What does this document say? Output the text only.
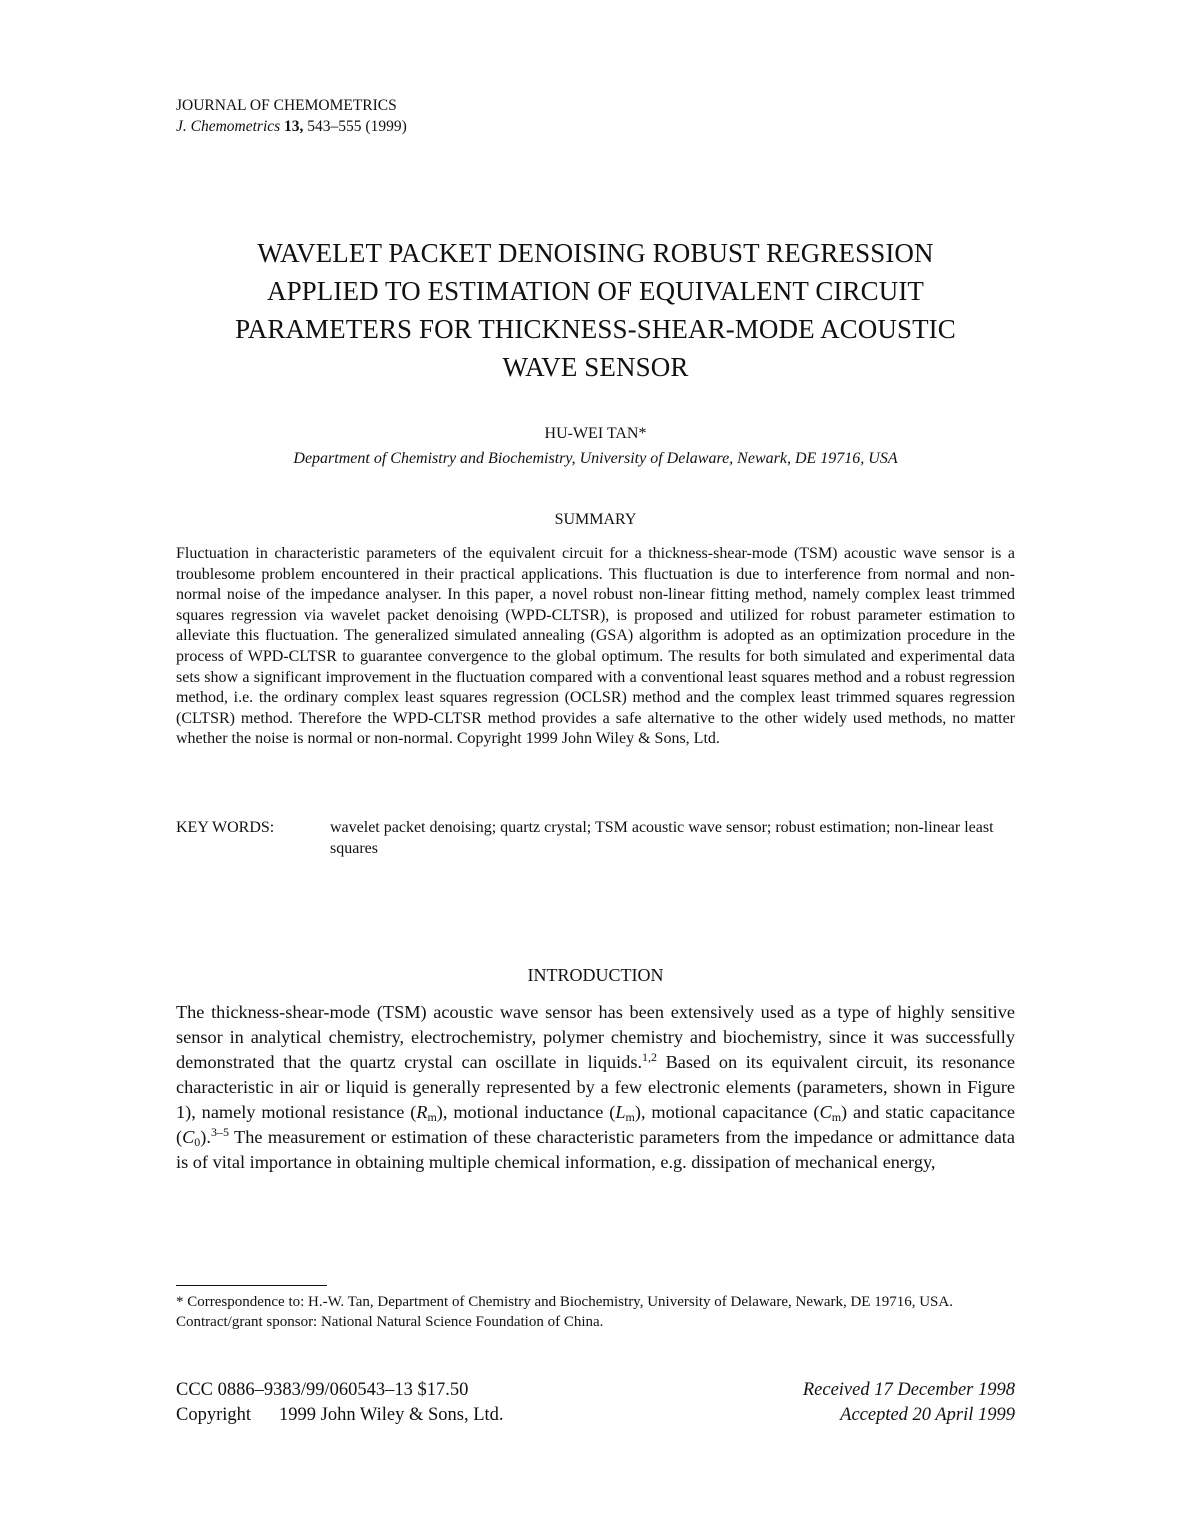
JOURNAL OF CHEMOMETRICS
J. Chemometrics 13, 543–555 (1999)
WAVELET PACKET DENOISING ROBUST REGRESSION
APPLIED TO ESTIMATION OF EQUIVALENT CIRCUIT
PARAMETERS FOR THICKNESS-SHEAR-MODE ACOUSTIC
WAVE SENSOR
HU-WEI TAN*
Department of Chemistry and Biochemistry, University of Delaware, Newark, DE 19716, USA
SUMMARY
Fluctuation in characteristic parameters of the equivalent circuit for a thickness-shear-mode (TSM) acoustic wave sensor is a troublesome problem encountered in their practical applications. This fluctuation is due to interference from normal and non-normal noise of the impedance analyser. In this paper, a novel robust non-linear fitting method, namely complex least trimmed squares regression via wavelet packet denoising (WPD-CLTSR), is proposed and utilized for robust parameter estimation to alleviate this fluctuation. The generalized simulated annealing (GSA) algorithm is adopted as an optimization procedure in the process of WPD-CLTSR to guarantee convergence to the global optimum. The results for both simulated and experimental data sets show a significant improvement in the fluctuation compared with a conventional least squares method and a robust regression method, i.e. the ordinary complex least squares regression (OCLSR) method and the complex least trimmed squares regression (CLTSR) method. Therefore the WPD-CLTSR method provides a safe alternative to the other widely used methods, no matter whether the noise is normal or non-normal. Copyright 1999 John Wiley & Sons, Ltd.
KEY WORDS:	wavelet packet denoising; quartz crystal; TSM acoustic wave sensor; robust estimation; non-linear least squares
INTRODUCTION
The thickness-shear-mode (TSM) acoustic wave sensor has been extensively used as a type of highly sensitive sensor in analytical chemistry, electrochemistry, polymer chemistry and biochemistry, since it was successfully demonstrated that the quartz crystal can oscillate in liquids.$^{1,2}$ Based on its equivalent circuit, its resonance characteristic in air or liquid is generally represented by a few electronic elements (parameters, shown in Figure 1), namely motional resistance $(R_m)$, motional inductance $(L_m)$, motional capacitance $(C_m)$ and static capacitance $(C_0).^{3-5}$ The measurement or estimation of these characteristic parameters from the impedance or admittance data is of vital importance in obtaining multiple chemical information, e.g. dissipation of mechanical energy,

* Correspondence to: H.-W. Tan, Department of Chemistry and Biochemistry, University of Delaware, Newark, DE 19716, USA.

Contract/grant sponsor: National Natural Science Foundation of China.

CCC 0886–9383/99/060543–13 $17.50
Copyright 1999 John Wiley & Sons, Ltd.
Received 17 December 1998
Accepted 20 April 1999
